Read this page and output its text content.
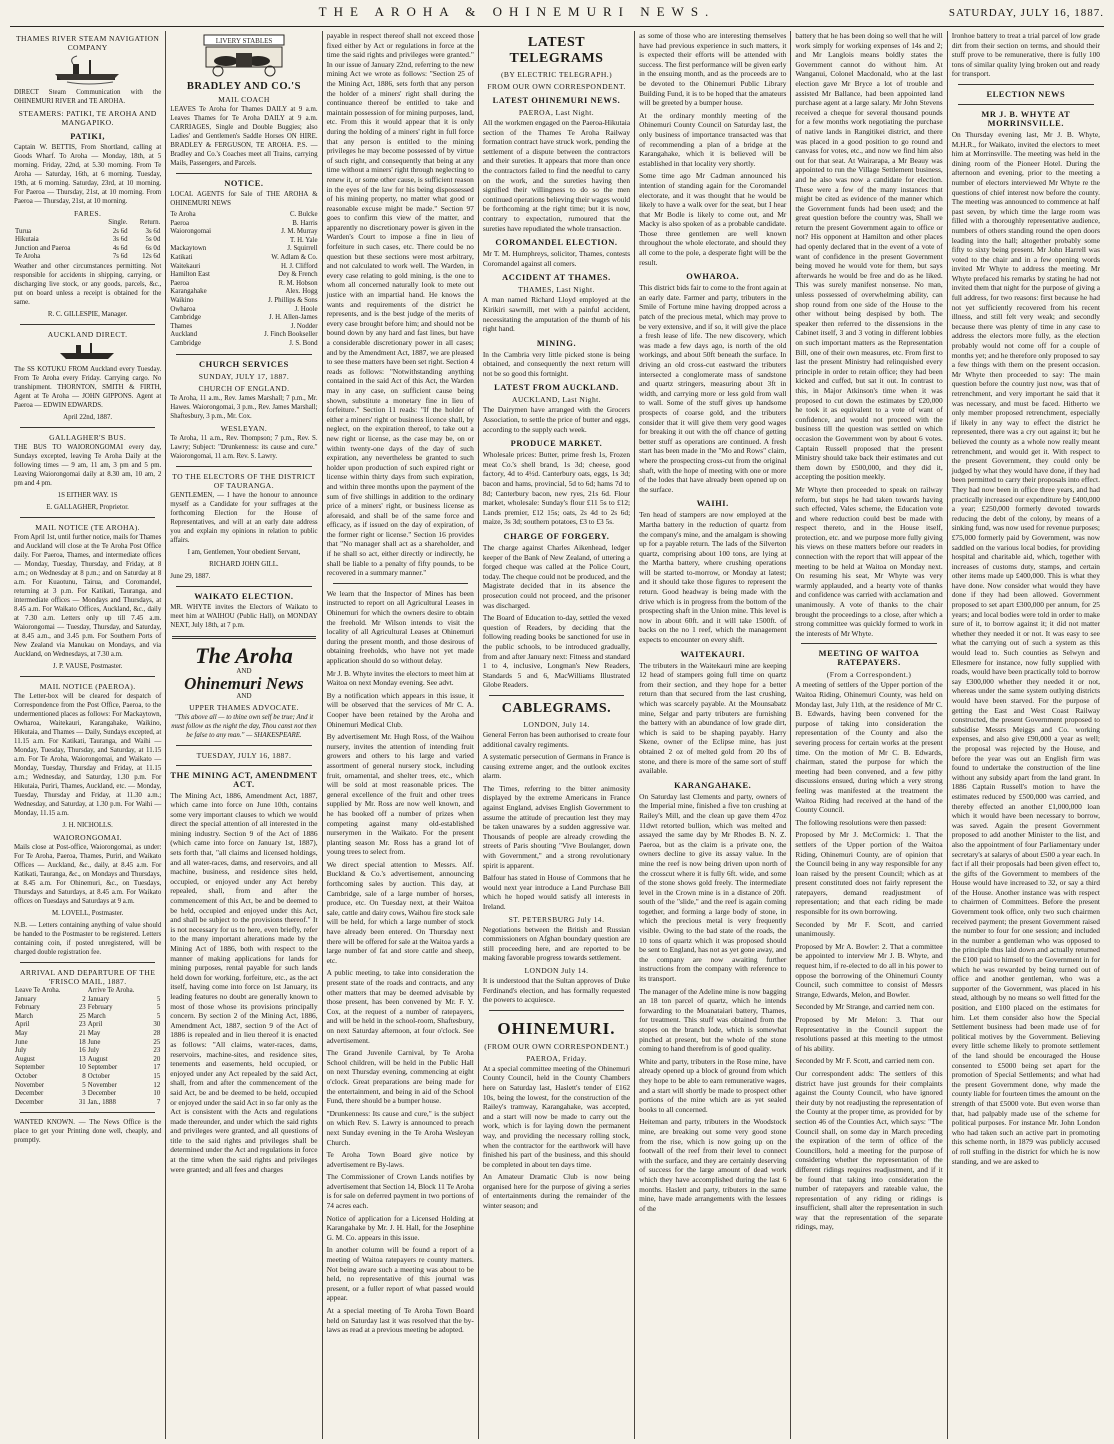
THE AROHA & OHINEMURI NEWS.	SATURDAY, JULY 16, 1887.
THAMES RIVER STEAM NAVIGATION COMPANY

DIRECT Steam Communication with the OHINEMURI RIVER and TE AROHA.

STEAMERS: PATIKI, TE AROHA AND MANGAPIKO.
PATIKI,

Captain W. BETTIS, From Shortland, calling at Goods Wharf. To Aroha — Monday, 18th, at 5 morning. Friday, 22nd, at 5.30 morning. From Te Aroha — Saturday, 16th, at 6 morning. Tuesday, 19th, at 6 morning. Saturday, 23rd, at 10 morning. For Paeroa — Thursday, 21st, at 10 morning. From Paeroa — Thursday, 21st, at 10 morning.

FARES.
	Single.	Return.
Turua	2s 6d	3s 6d
Hikutaia	3s 6d	5s 0d
Junction and Paeroa	4s 6d	6s 0d
Te Aroha	7s 6d	12s 6d

Weather and other circumstances permitting. Not responsible for accidents in shipping, carrying, or discharging live stock, or any goods, parcels, &c., put on board unless a receipt is obtained for the same.

R. C. GILLESPIE, Manager.

AUCKLAND DIRECT.

The SS KOTUKU FROM Auckland every Tuesday. From Te Aroha every Friday. Carrying cargo. No transhipment. THORNTON, SMITH & FIRTH, Agent at Te Aroha — JOHN GIPPONS. Agent at Paeroa — EDWIN EDWARDS.

April 22nd, 1887.

GALLAGHER'S BUS.

THE BUS TO WAIORONGOMAI every day, Sundays excepted, leaving Te Aroha Daily at the following times — 9 am, 11 am, 3 pm and 5 pm. Leaving Waiorongomai daily at 8.30 am, 10 am, 2 pm and 4 pm.

1S EITHER WAY. 1S

E. GALLAGHER, Proprietor.

MAIL NOTICE (TE AROHA).

From April 1st, until further notice, mails for Thames and Auckland will close at the Te Aroha Post Office daily. For Paeroa, Thames, and intermediate offices — Monday, Tuesday, Thursday, and Friday, at 8 a.m.; on Wednesday at 8 p.m.; and on Saturday at 8 a.m. For Kuaotunu, Tairua, and Coromandel, returning at 3 p.m. For Katikati, Tauranga, and intermediate offices — Mondays and Thursdays, at 8.45 a.m. For Waikato Offices, Auckland, &c., daily at 7.30 a.m. Letters only up till 7.45 a.m. Waiorongomai — Tuesday, Thursday, and Saturday, at 8.45 a.m., and 3.45 p.m. For Southern Ports of New Zealand via Manukau on Mondays, and via Auckland, on Wednesdays, at 7.30 a.m.

J. P. VAUSE, Postmaster.

MAIL NOTICE (PAEROA).

The Letter-box will be cleared for despatch of Correspondence from the Post Office, Paeroa, to the undermentioned places as follows: For Mackaytown, Owharoa, Waitekauri, Karangahake, Waikino, Hikutaia, and Thames — Daily, Sundays excepted, at 11.15 a.m. For Katikati, Tauranga, and Waihi — Monday, Tuesday, Thursday, and Saturday, at 11.15 a.m. For Te Aroha, Waiorongomai, and Waikato — Monday, Tuesday, Thursday and Friday, at 11.15 a.m.; Wednesday, and Saturday, 1.30 p.m. For Hikutaia, Puriri, Thames, Auckland, etc. — Monday, Tuesday, Thursday and Friday, at 11.30 a.m.; Wednesday, and Saturday, at 1.30 p.m. For Waihi — Monday, 11.15 a.m.

J. H. NICHOLLS.

WAIORONGOMAI.

Mails close at Post-office, Waiorongomai, as under: For Te Aroha, Paeroa, Thames, Puriri, and Waikato Offices — Auckland, &c., daily, at 8.45 a.m. For Katikati, Tauranga, &c., on Mondays and Thursdays, at 8.45 a.m. For Ohinemuri, &c., on Tuesdays, Thursdays and Saturdays, at 8.45 a.m. For Waikato offices on Tuesdays and Saturdays at 9 a.m.

M. LOVELL, Postmaster.

N.B. — Letters containing anything of value should be handed to the Postmaster to be registered. Letters containing coin, if posted unregistered, will be charged double registration fee.

ARRIVAL AND DEPARTURE OF THE 'FRISCO MAIL, 1887.
Leave Te Aroha.		Arrive Te Aroha.	
January	2	January	5
February	23	February	5
March	25	March	5
April	23	April	30
May	21	May	28
June	18	June	25
July	16	July	23
August	13	August	20
September	10	September	17
October	8	October	15
November	5	November	12
December	3	December	10
December	31	Jan., 1888	7

WANTED KNOWN. — The News Office is the place to get your Printing done well, cheaply, and promptly.

LIVERY STABLES
BRADLEY AND CO.'S
MAIL COACH

LEAVES Te Aroha for Thames DAILY at 9 a.m. Leaves Thames for Te Aroha DAILY at 9 a.m. CARRIAGES, Single and Double Buggies; also Ladies' and Gentlemen's Saddle Horses ON HIRE. BRADLEY & FERGUSON, TE AROHA. P.S. — Bradley and Co.'s Coaches meet all Trains, carrying Mails, Passengers, and Parcels.

NOTICE.

LOCAL AGENTS for Sale of THE AROHA & OHINEMURI NEWS

Te Aroha	C. Bulcke
Paeroa	B. Harris
Waiorongomai	J. M. Murray
T. H. Yale
Mackaytown	J. Squirrell
Katikati	W. Adlam & Co.
Waitekauri	H. J. Clifford
Hamilton East	Dey & French
Paeroa	R. M. Hobson
Karangahake	Alex. Hogg
Waikino	J. Phillips & Sons
Owharoa	J. Hoole
Cambridge	J. H. Allen-James
Thames	J. Nodder
Auckland	J. Finch Bookseller
Cambridge	J. S. Bond
CHURCH SERVICES
SUNDAY, JULY 17, 1887.
CHURCH OF ENGLAND.

Te Aroha, 11 a.m., Rev. James Marshall; 7 p.m., Mr. Hawes. Waiorongomai, 3 p.m., Rev. James Marshall; Shaftesbury, 3 p.m., Mr. Cox.

WESLEYAN.

Te Aroha, 11 a.m., Rev. Thompson; 7 p.m., Rev. S. Lawry; Subject: "Drunkenness: its cause and cure." Waiorongomai, 11 a.m. Rev. S. Lawry.

TO THE ELECTORS OF THE DISTRICT OF TAURANGA.

GENTLEMEN, — I have the honour to announce myself as a Candidate for your suffrages at the forthcoming Election for the House of Representatives, and will at an early date address you and explain my opinions in relation to public affairs.

I am, Gentlemen, Your obedient Servant,

RICHARD JOHN GILL.

June 29, 1887.

WAIKATO ELECTION.

MR. WHYTE invites the Electors of Waikato to meet him at WAIHOU (Public Hall), on MONDAY NEXT, July 18th, at 7 p.m.

The Aroha
AND
Ohinemuri News
AND
UPPER THAMES ADVOCATE.

"This above all — to thine own self be true; And it must follow as the night the day, Thou canst not then be false to any man." — SHAKESPEARE.

TUESDAY, JULY 16, 1887.
THE MINING ACT, AMENDMENT ACT.

The Mining Act, 1886, Amendment Act, 1887, which came into force on June 10th, contains some very important clauses to which we would direct the special attention of all interested in the mining industry. Section 9 of the Act of 1886 (which came into force on January 1st, 1887), sets forth that, "all claims and licensed holdings, and all water-races, dams, and reservoirs, and all machine, business, and residence sites held, occupied, or enjoyed under any Act hereby repealed, shall, from and after the commencement of this Act, be and be deemed to be held, occupied and enjoyed under this Act, and shall be subject to the provisions thereof." It is not necessary for us to here, even briefly, refer to the many important alterations made by the Mining Act of 1886, both with respect to the manner of making applications for lands for mining purposes, rental payable for such lands held down for working, forfeiture, etc., as the act itself, having come into force on 1st January, its leading features no doubt are generally known to most of those whose its provisions principally concern. By section 2 of the Mining Act, 1886, Amendment Act, 1887, section 9 of the Act of 1886 is repealed and in lieu thereof it is enacted as follows: "All claims, water-races, dams, reservoirs, machine-sites, and residence sites, tenements and easements, held occupied, or enjoyed under any Act repealed by the said Act, shall, from and after the commencement of the said Act, be and be deemed to be held, occupied or enjoyed under the said Act in so far only as the Act is consistent with the Acts and regulations made thereunder, and under which the said rights and privileges were granted, and all questions of title to the said rights and privileges shall be determined under the Act and regulations in force at the time when the said rights and privileges were granted; and all fees and charges

payable in respect thereof shall not exceed those fixed either by Act or regulations in force at the time the said rights and privileges were granted." In our issue of January 22nd, referring to the new mining Act we wrote as follows: "Section 25 of the Mining Act, 1886, sets forth that any person the holder of a miners' right shall during the continuance thereof be entitled to take and maintain possession of for mining purposes, land, etc. From this it would appear that it is only during the holding of a miners' right in full force that any person is entitled to the mining privileges he may become possessed of by virtue of such right, and consequently that being at any time without a miners' right through neglecting to renew it, or some other cause, is sufficient reason in the eyes of the law for his being dispossessed of his mining property, no matter what good or reasonable excuse might be made." Section 97 goes to confirm this view of the matter, and apparently no discretionary power is given in the Warden's Court to impose a fine in lieu of forfeiture in such cases, etc. There could be no question but these sections were most arbitrary, and not calculated to work well. The Warden, in every case relating to gold mining, is the one to whom all concerned naturally look to mete out justice with an impartial hand. He knows the wants and requirements of the district he represents, and is the best judge of the merits of every case brought before him; and should not be bound down by any hard and fast lines, but have a considerable discretionary power in all cases; and by the Amendment Act, 1887, we are pleased to see these matters have been set right. Section 4 reads as follows: "Notwithstanding anything contained in the said Act of this Act, the Warden may in any case, on sufficient cause being shown, substitute a monetary fine in lieu of forfeiture." Section 11 reads: "If the holder of either a miners' right or business licence shall, by neglect, on the expiration thereof, to take out a new right or license, as the case may be, on or within twenty-one days of the day of such expiration, any nevertheless be granted to such holder upon production of such expired right or license within thirty days from such expiration, and within three months upon the payment of the sum of five shillings in addition to the ordinary price of a miners' right, or business license as aforesaid, and shall be of the same force and efficacy, as if issued on the day of expiration, of the former right or license." Section 16 provides that "No manager shall act as a shareholder, and if he shall so act, either directly or indirectly, he shall be liable to a penalty of fifty pounds, to be recovered in a summary manner."

We learn that the Inspector of Mines has been instructed to report on all Agricultural Leases in Ohinemuri for which the owners desire to obtain the freehold. Mr Wilson intends to visit the locality of all Agricultural Leases at Ohinemuri during the present month, and those desirous of obtaining freeholds, who have not yet made application should do so without delay.

Mr J. B. Whyte invites the electors to meet him at Waitoa on next Monday evening. See advt.

By a notification which appears in this issue, it will be observed that the services of Mr C. A. Cooper have been retained by the Aroha and Ohinemuri Medical Club.

By advertisement Mr. Hugh Ross, of the Waihou nursery, invites the attention of intending fruit growers and others to his large and varied assortment of general nursery stock, including fruit, ornamental, and shelter trees, etc., which will be sold at most reasonable prices. The general excellence of the fruit and other trees supplied by Mr. Ross are now well known, and he has booked off a number of prizes when competing against many old-established nurserymen in the Waikato. For the present planting season Mr. Ross has a grand lot of young trees to select from.

We direct special attention to Messrs. Alf. Buckland & Co.'s advertisement, announcing forthcoming sales by auction. This day, at Cambridge, sale of a large number of horses, produce, etc. On Tuesday next, at their Waitoa sale, cattle and dairy cows, Waihou fire stock sale will be held, for which a large number of stock have already been entered. On Thursday next there will be offered for sale at the Waitoa yards a large number of fat and store cattle and sheep, etc.

A public meeting, to take into consideration the present state of the roads and contracts, and any other matters that may be deemed advisable by those present, has been convened by Mr. F. Y. Cox, at the request of a number of ratepayers, and will be held in the school-room, Shaftesbury, on next Saturday afternoon, at four o'clock. See advertisement.

The Grand Juvenile Carnival, by Te Aroha School children, will be held in the Public Hall on next Thursday evening, commencing at eight o'clock. Great preparations are being made for the entertainment, and being in aid of the School Fund, there should be a bumper house.

"Drunkenness: Its cause and cure," is the subject on which Rev. S. Lawry is announced to preach next Sunday evening in the Te Aroha Wesleyan Church.

Te Aroha Town Board give notice by advertisement re By-laws.

The Commissioner of Crown Lands notifies by advertisement that Section 14, Block 11 Te Aroha is for sale on deferred payment in two portions of 74 acres each.

Notice of application for a Licensed Holding at Karangahake by Mr. J. H. Hall, for the Josephine G. M. Co. appears in this issue.

In another column will be found a report of a meeting of Waitoa ratepayers re county matters. Not being aware such a meeting was about to be held, no representative of this journal was present, or a fuller report of what passed would appear.

At a special meeting of Te Aroha Town Board held on Saturday last it was resolved that the by-laws as read at a previous meeting be adopted.

LATEST TELEGRAMS
(BY ELECTRIC TELEGRAPH.)
FROM OUR OWN CORRESPONDENT.
LATEST OHINEMURI NEWS.
PAEROA, Last Night.

All the workmen engaged on the Paeroa-Hikutaia section of the Thames Te Aroha Railway formation contract have struck work, pending the settlement of a dispute between the contractors and their sureties. It appears that more than once the contractors failed to find the needful to carry on the work, and the sureties having then signified their willingness to do so the men continued operations believing their wages would be forthcoming at the right time; but it is now, contrary to expectation, rumoured that the sureties have repudiated the whole transaction.

COROMANDEL ELECTION.

Mr T. M. Humphreys, solicitor, Thames, contests Coromandel against all comers.

ACCIDENT AT THAMES.
THAMES, Last Night.

A man named Richard Lloyd employed at the Kirikiri sawmill, met with a painful accident, necessitating the amputation of the thumb of his right hand.

MINING.

In the Cambria very little picked stone is being obtained, and consequently the next return will not be so good this fortnight.

LATEST FROM AUCKLAND.
AUCKLAND, Last Night.

The Dairymen have arranged with the Grocers Association, to settle the price of butter and eggs, according to the supply each week.

PRODUCE MARKET.

Wholesale prices: Butter, prime fresh 1s, Frozen meat Co.'s shell brand, 1s 3d; cheese, good factory, 4d to 4½d. Canterbury oats, eggs, 1s 3d; bacon and hams, provincial, 5d to 6d; hams 7d to 8d; Canterbury bacon, new ryes, 21s 6d. Flour market, wholesale: Sunday's flour £11 5s to £12; Lands premier, £12 15s; oats, 2s 4d to 2s 6d; maize, 3s 3d; southern potatoes, £3 to £3 5s.

CHARGE OF FORGERY.

The charge against Charles Aikenhead, ledger keeper of the Bank of New Zealand, of uttering a forged cheque was called at the Police Court, today. The cheque could not be produced, and the Magistrate decided that in its absence the prosecution could not proceed, and the prisoner was discharged.

The Board of Education to-day, settled the vexed question of Readers, by deciding that the following reading books be sanctioned for use in the public schools, to be introduced gradually, from and after January next: Fitness and standard 1 to 4, inclusive, Longman's New Readers, Standards 5 and 6, MacWilliams Illustrated Globe Readers.

CABLEGRAMS.
LONDON, July 14.

General Ferron has been authorised to create four additional cavalry regiments.

A systematic persecution of Germans in France is causing extreme anger, and the outlook excites alarm.

The Times, referring to the bitter animosity displayed by the extreme Americans in France against England, advises English Government to assume the attitude of precaution lest they may be taken unawares by a sudden aggressive war. Thousands of people are already crowding the streets of Paris shouting "Vive Boulanger, down with Government," and a strong revolutionary spirit is apparent.

Balfour has stated in House of Commons that he would next year introduce a Land Purchase Bill which he hoped would satisfy all interests in Ireland.

ST. PETERSBURG July 14.

Negotiations between the British and Russian commissioners on Afghan boundary question are still proceeding here, and are reported to be making favorable progress towards settlement.

LONDON July 14.

It is understood that the Sultan approves of Duke Ferdinand's election, and has formally requested the powers to acquiesce.

OHINEMURI.
(FROM OUR OWN CORRESPONDENT.)
PAEROA, Friday.

At a special committee meeting of the Ohinemuri County Council, held in the County Chambers here on Saturday last, Haslett's tender of £162 10s, being the lowest, for the construction of the Railey's tramway, Karangahake, was accepted, and a start will now be made to carry out the work, which is for laying down the permanent way, and providing the necessary rolling stock, when the contractor for the earthwork will have finished his part of the business, and this should be completed in about ten days time.

An Amateur Dramatic Club is now being organised here for the purpose of giving a series of entertainments during the remainder of the winter season; and

as some of those who are interesting themselves have had previous experience in such matters, it is expected their efforts will be attended with success. The first performance will be given early in the ensuing month, and as the proceeds are to be devoted to the Ohinemuri Public Library Building Fund, it is to be hoped that the amateurs will be greeted by a bumper house.

At the ordinary monthly meeting of the Ohinemuri County Council on Saturday last, the only business of importance transacted was that of recommending a plan of a bridge at the Karangahake, which it is believed will be established in that locality very shortly.

Some time ago Mr Cadman announced his intention of standing again for the Coromandel electorate, and it was thought that he would be likely to have a walk over for the seat, but I hear that Mr Bodle is likely to come out, and Mr Macky is also spoken of as a probable candidate. Those three gentlemen are well known throughout the whole electorate, and should they all come to the pole, a desperate fight will be the result.

OWHAROA.

This district bids fair to come to the front again at an early date. Farmer and party, tributers in the Smile of Fortune mine having dropped across a patch of the precious metal, which may prove to be very extensive, and if so, it will give the place a fresh lease of life. The new discovery, which was made a few days ago, is north of the old workings, and about 50ft beneath the surface. In driving an old cross-cut eastward the tributers intersected a conglomerate mass of sandstone and quartz stringers, measuring about 3ft in width, and carrying more or less gold from wall to wall. Some of the stuff gives up handsome prospects of coarse gold, and the tributers consider that it will give them very good wages for breaking it out with the off chance of getting better stuff as operations are continued. A fresh start has been made in the "Mo and Rows" claim, where the prospecting cross-cut from the original shaft, with the hope of meeting with one or more of the lodes that have already been opened up on the surface.

WAIHI.

Ten head of stampers are now employed at the Martha battery in the reduction of quartz from the company's mine, and the amalgam is showing up for a payable return. The lads of the Silverton quartz, comprising about 100 tons, are lying at the Martha battery, where crushing operations will be started to-morrow, or Monday at latest; and it should take those figures to represent the return. Good headway is being made with the drive which is in progress from the bottom of the prospecting shaft in the Union mine. This level is now in about 60ft. and it will take 1500ft. of backs on the no 1 reef, which the management expects to encounter on every shift.

WAITEKAURI.

The tributers in the Waitekauri mine are keeping 12 head of stampers going full time on quartz from their section, and they hope for a better return than that secured from the last crushing, which was scarcely payable. At the Mounsabatz mine, Selgar and party tributers are furnishing the battery with an abundance of low grade dirt, which is said to be shaping payably. Harry Skene, owner of the Eclipse mine, has just obtained 2 oz of melted gold from 20 lbs of stone, and there is more of the same sort of stuff available.

KARANGAHAKE.

On Saturday last Clements and party, owners of the Imperial mine, finished a five ton crushing at Railey's Mill, and the clean up gave them 47oz 11dwt retorted bullion, which was melted and assayed the same day by Mr Rhodes B. N. Z. Paeroa, but as the claim is a private one, the owners decline to give its assay value. In the mine the reef is now being driven upon north of the crosscut where it is fully 6ft. wide, and some of the stone shows gold freely. The intermediate level in the Crown mine is in a distance of 20ft. south of the "slide," and the reef is again coming together, and forming a large body of stone, in which the precious metal is very frequently visible. Owing to the bad state of the roads, the 10 tons of quartz which it was proposed should be sent to England, has not as yet gone away, and the company are now awaiting further instructions from the company with reference to its transport.

The manager of the Adeline mine is now bagging an 18 ton parcel of quartz, which he intends forwarding to the Moanataiari battery, Thames, for treatment. This stuff was obtained from the stopes on the branch lode, which is somewhat pinched at present, but the whole of the stone coming to hand therefrom is of good quality.

White and party, tributers in the Rose mine, have already opened up a block of ground from which they hope to be able to earn remunerative wages, and a start will shortly be made to prospect other portions of the mine which are as yet sealed books to all concerned.

Heiteman and party, tributers in the Woodstock mine, are breaking out some very good stone from the rise, which is now going up on the footwall of the reef from their level to connect with the surface, and they are certainly deserving of success for the large amount of dead work which they have accomplished during the last 6 months. Haslett and party, tributers in the same mine, have made arrangements with the lessees of the

battery that he has been doing so well that he will work simply for working expenses of 14s and 2; and Mr Langlois means boldly states the Government cannot do without him. At Wanganui, Colonel Macdonald, who at the last election gave Mr Bryce a lot of trouble and assisted Mr Ballance, had been appointed land purchase agent at a large salary. Mr John Stevens received a cheque for several thousand pounds for a few months work negotiating the purchase of native lands in Rangitikei district, and there was placed in a good position to go round and canvass for votes, etc., and now we find him also out for that seat. At Wairarapa, a Mr Beauy was appointed to run the Village Settlement business, and he also was now a candidate for election. These were a few of the many instances that might be cited as evidence of the manner which the Government funds had been used; and the great question before the country was, Shall we return the present Government again to office or not? His opponent at Hamilton and other places had openly declared that in the event of a vote of want of confidence in the present Government being moved he would vote for them, but says afterwards he would be free and do as he liked. This was surely manifest nonsense. No man, unless possessed of overwhelming ability, can shop round from one side of the House to the other without being despised by both. The speaker then referred to the dissensions in the Cabinet itself, 3 and 3 voting in different lobbies on such important matters as the Representation Bill, one of their own measures, etc. From first to last the present Ministry had relinquished every principle in order to retain office; they had been kicked and cuffed, but sat it out. In contrast to this, in Major Atkinson's time when it was proposed to cut down the estimates by £20,000 he took it as equivalent to a vote of want of confidence, and would not proceed with the business till the question was settled on which occasion the Government won by about 6 votes. Captain Russell proposed that the present Ministry should take back their estimates and cut them down by £500,000, and they did it, accepting the position meekly.

Mr Whyte then proceeded to speak on railway reform, but steps he had taken towards having such effected, Vales scheme, the Education vote and where reduction could best be made with respect thereto, and in the House itself, protection, etc. and we purpose more fully giving his views on these matters before our readers in connection with the report that will appear of the meeting to be held at Waitoa on Monday next. On resuming his seat, Mr Whyte was very warmly applauded, and a hearty vote of thanks and confidence was carried with acclamation and unanimously. A vote of thanks to the chair brought the proceedings to a close, after which a strong committee was quickly formed to work in the interests of Mr Whyte.

MEETING OF WAITOA RATEPAYERS.
(From a Correspondent.)

A meeting of settlers of the Upper portion of the Waitoa Riding, Ohinemuri County, was held on Monday last, July 11th, at the residence of Mr C. B. Edwards, having been convened for the purpose of taking into consideration the representation of the County and also the severing process for certain works at the present time. On the motion of Mr C. B. Edwards, chairman, stated the purpose for which the meeting had been convened, and a few pithy discussions ensued, during which a very strong feeling was manifested at the treatment the Waitoa Riding had received at the hand of the County Council.

The following resolutions were then passed:

Proposed by Mr J. McCormick: 1. That the settlers of the Upper portion of the Waitoa Riding, Ohinemuri County, are of opinion that the Council being in any way responsible for any loan raised by the present Council; which as at present constituted does not fairly represent the ratepayers, demand readjustment of representation; and that each riding be made responsible for its own borrowing.

Seconded by Mr F. Scott, and carried unanimously.

Proposed by Mr A. Bowler: 2. That a committee be appointed to interview Mr J. B. Whyte, and request him, if re-elected to do all in his power to oppose the borrowing of the Ohinemuri County Council, such committee to consist of Messrs Strange, Edwards, Melon, and Bowler.

Seconded by Mr Strange, and carried nem con.

Proposed by Mr Melon: 3. That our Representative in the Council support the resolutions passed at this meeting to the utmost of his ability.

Seconded by Mr F. Scott, and carried nem con.

Our correspondent adds: The settlers of this district have just grounds for their complaints against the County Council, who have ignored their duty by not readjusting the representation of the County at the proper time, as provided for by section 46 of the Counties Act, which says: "The Council shall, on some day in March preceding the expiration of the term of office of the Councillors, hold a meeting for the purpose of considering whether the representation of the different ridings requires readjustment, and if it be found that taking into consideration the number of ratepayers and rateable value, the representation of any riding or ridings is insufficient, shall alter the representation in such way that the representation of the separate ridings, may,

Ironhoe battery to treat a trial parcel of low grade dirt from their section on terms, and should their stuff prove to be remunerative, there is fully 100 tons of similar quality lying broken out and ready for transport.

ELECTION NEWS
MR J. B. WHYTE AT MORRINSVILLE.

On Thursday evening last, Mr J. B. Whyte, M.H.R., for Waikato, invited the electors to meet him at Morrinsville. The meeting was held in the dining room of the Pioneer Hotel. During the afternoon and evening, prior to the meeting a number of electors interviewed Mr Whyte re the questions of chief interest now before the county. The meeting was announced to commence at half past seven, by which time the large room was filled with a thoroughly representative audience, numbers of others standing round the open doors leading into the hall; altogether probably some fifty to sixty being present. Mr John Harrell was voted to the chair and in a few opening words invited Mr Whyte to address the meeting. Mr Whyte prefaced his remarks by stating he had not invited them that night for the purpose of giving a full address, for two reasons: first because he had not yet sufficiently recovered from his recent illness, and still felt very weak; and secondly because there was plenty of time in any case to address the electors more fully, as the election probably would not come off for a couple of months yet; and he therefore only proposed to say a few things with them on the present occasion. Mr Whyte then proceeded to say: The main question before the country just now, was that of retrenchment, and very important he said that it was necessary, and must be faced. Hitherto we only member proposed retrenchment, especially if likely in any way to effect the district he represented, there was a cry out against it; but he believed the county as a whole now really meant retrenchment, and would get it. With respect to the present Government, they could only be judged by what they would have done, if they had been permitted to carry their proposals into effect. They had now been in office three years, and had practically increased our expenditure by £400,000 a year; £250,000 formerly devoted towards reducing the debt of the colony, by means of a sinking fund, was now used for revenue purposes; £75,000 formerly paid by Government, was now saddled on the various local bodies, for providing hospital and charitable aid, which, together with increases of customs duty, stamps, and certain other items made up £400,000. This is what they have done. Now consider what would they have done if they had been allowed. Government proposed to set apart £300,000 per annum, for 25 years; and local bodies were told in order to make sure of it, to borrow against it; it did not matter whether they needed it or not. It was easy to see what the carrying out of such a system as this would lead to. Such counties as Selwyn and Ellesmere for instance, now fully supplied with roads, would have been practically told to borrow say £300,000 whether they needed it or not, whereas under the same system outlying districts would have been starved. For the purpose of getting the East and West Coast Railway constructed, the present Government proposed to subsidise Messrs Meiggs and Co. working expenses, and also give £90,000 a year as well; the proposal was rejected by the House, and before the year was out an English firm was found to undertake the construction of the line without any subsidy apart from the land grant. In 1886 Captain Russell's motion to have the estimates reduced by £500,000 was carried, and thereby effected an another £1,000,000 loan which it would have been necessary to borrow, was saved. Again the present Government proposed to add another Minister to the list, and also the appointment of four Parliamentary under secretary's at salarys of about £500 a year each. In fact if all their proposals had been given effect to, the gifts of the Government to members of the House would have increased to 32, or say a third of the House. Another instance was with respect to chairmen of Committees. Before the present Government took office, only two such chairmen received payment; the present Government raised the number to four for one session; and included in the number a gentleman who was opposed to the principle thus laid down and actually returned the £100 paid to himself to the Government in for which he was rewarded by being turned out of office and another gentleman, who was a supporter of the Government, was placed in his stead, although by no means so well fitted for the position, and £100 placed on the estimates for him. Let them consider also how the Special Settlement business had been made use of for political motives by the Government. Believing every little scheme likely to promote settlement of the land should be encouraged the House consented to £5000 being set apart for the promotion of Special Settlements; and what had the present Government done, why made the county liable for fourteen times the amount on the strength of that £5000 vote. But even worse than that, had palpably made use of the scheme for political purposes. For instance Mr. John London who had taken such an active part in promoting this scheme north, in 1879 was publicly accused of roll stuffing in the district for which he is now standing, and we are asked to
